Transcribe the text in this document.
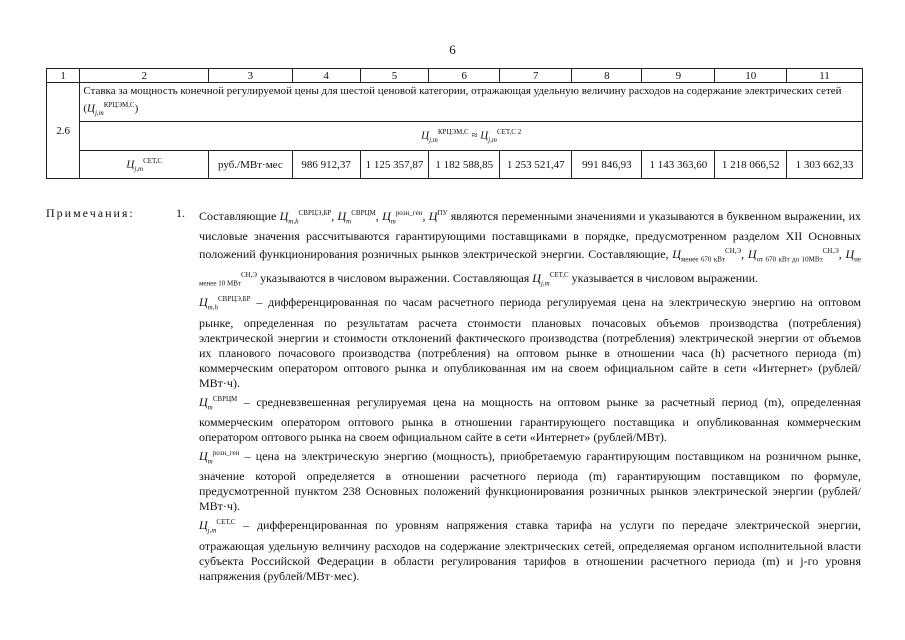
6
1	2	3	4	5	6	7	8	9	10	11
2.6	Ставка за мощность конечной регулируемой цены для шестой ценовой категории, отражающая удельную величину расходов на содержание электрических сетей $(Ц_{j,m}^{КРЦЭМ,С})$									
	$Ц_{j,m}^{КРЦЭМ,С} \approx Ц_{j,m}^{СЕТ,С}$ $^2$
	$Ц_{j,m}^{СЕТ,С}$	руб./МВт·мес	986 912,37	1 125 357,87	1 182 588,85	1 253 521,47	991 846,93	1 143 363,60	1 218 066,52	1 303 662,33
Примечания:	1. Составляющие $Ц_{m,h}^{СВРЦЭ,БР}$, $Ц_m^{СВРЦМ}$, $Ц_m^{розн\_ген}$, $Ц^{ПУ}$ являются переменными значениями и указываются в буквенном выражении, их числовые значения рассчитываются гарантирующими поставщиками в порядке, предусмотренном разделом XII Основных положений функционирования розничных рынков электрической энергии. Составляющие, $Ц_{менее 670 кВт}^{СН,Э}$, $Ц_{от 670 кВт до 10МВт}^{СН,Э}$, $Ц_{не менее 10 МВт}^{СН,Э}$ указываются в числовом выражении. Составляющая $Ц_{j,m}^{СЕТ,С}$ указывается в числовом выражении.

$Ц_{m,h}^{СВРЦЭ,БР}$ – дифференцированная по часам расчетного периода регулируемая цена на электрическую энергию на оптовом рынке, определенная по результатам расчета стоимости плановых почасовых объемов производства (потребления) электрической энергии и стоимости отклонений фактического производства (потребления) электрической энергии от объемов их планового почасового производства (потребления) на оптовом рынке в отношении часа (h) расчетного периода (m) коммерческим оператором оптового рынка и опубликованная им на своем официальном сайте в сети «Интернет» (рублей/МВт·ч).

$Ц_m^{СВРЦМ}$ – средневзвешенная регулируемая цена на мощность на оптовом рынке за расчетный период (m), определенная коммерческим оператором оптового рынка в отношении гарантирующего поставщика и опубликованная коммерческим оператором оптового рынка на своем официальном сайте в сети «Интернет» (рублей/МВт).

$Ц_m^{розн\_ген}$ – цена на электрическую энергию (мощность), приобретаемую гарантирующим поставщиком на розничном рынке, значение которой определяется в отношении расчетного периода (m) гарантирующим поставщиком по формуле, предусмотренной пунктом 238 Основных положений функционирования розничных рынков электрической энергии (рублей/МВт·ч).

$Ц_{j,m}^{СЕТ,С}$ – дифференцированная по уровням напряжения ставка тарифа на услуги по передаче электрической энергии, отражающая удельную величину расходов на содержание электрических сетей, определяемая органом исполнительной власти субъекта Российской Федерации в области регулирования тарифов в отношении расчетного периода (m) и j-го уровня напряжения (рублей/МВт·мес).
